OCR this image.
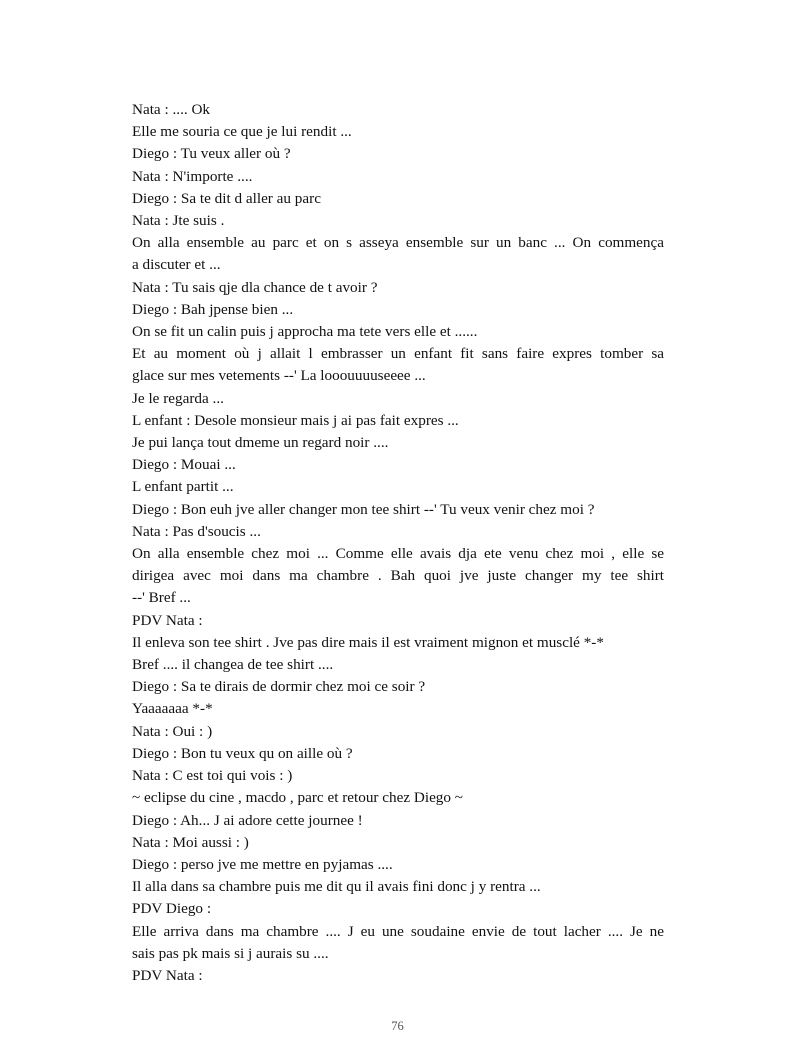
Nata : .... Ok
Elle me souria ce que je lui rendit ...
Diego : Tu veux aller où ?
Nata : N'importe ....
Diego : Sa te dit d aller au parc
Nata : Jte suis .
On alla ensemble au parc et on s asseya ensemble sur un banc ... On commença
a discuter et ...
Nata : Tu sais qje dla chance de t avoir ?
Diego : Bah jpense bien ...
On se fit un calin puis j approcha ma tete vers elle et ......
Et au moment où j allait l embrasser un enfant fit sans faire expres tomber sa
glace sur mes vetements --' La looouuuuseeee ...
Je le regarda ...
L enfant : Desole monsieur mais j ai pas fait expres ...
Je pui lança tout dmeme un regard noir ....
Diego : Mouai ...
L enfant partit ...
Diego : Bon euh jve aller changer mon tee shirt --' Tu veux venir chez moi ?
Nata : Pas d'soucis ...
On alla ensemble chez moi ... Comme elle avais dja ete venu chez moi , elle se
dirigea avec moi dans ma chambre . Bah quoi jve juste changer my tee shirt
--' Bref ...
PDV Nata :
Il enleva son tee shirt . Jve pas dire mais il est vraiment mignon et musclé *-*
Bref .... il changea de tee shirt ....
Diego : Sa te dirais de dormir chez moi ce soir ?
Yaaaaaaa *-*
Nata : Oui : )
Diego : Bon tu veux qu on aille où ?
Nata : C est toi qui vois : )
~ eclipse du cine , macdo , parc et retour chez Diego ~
Diego : Ah... J ai adore cette journee !
Nata : Moi aussi : )
Diego : perso jve me mettre en pyjamas ....
Il alla dans sa chambre puis me dit qu il avais fini donc j y rentra ...
PDV Diego :
Elle arriva dans ma chambre .... J eu une soudaine envie de tout lacher .... Je ne
sais pas pk mais si j aurais su ....
PDV Nata :
76
